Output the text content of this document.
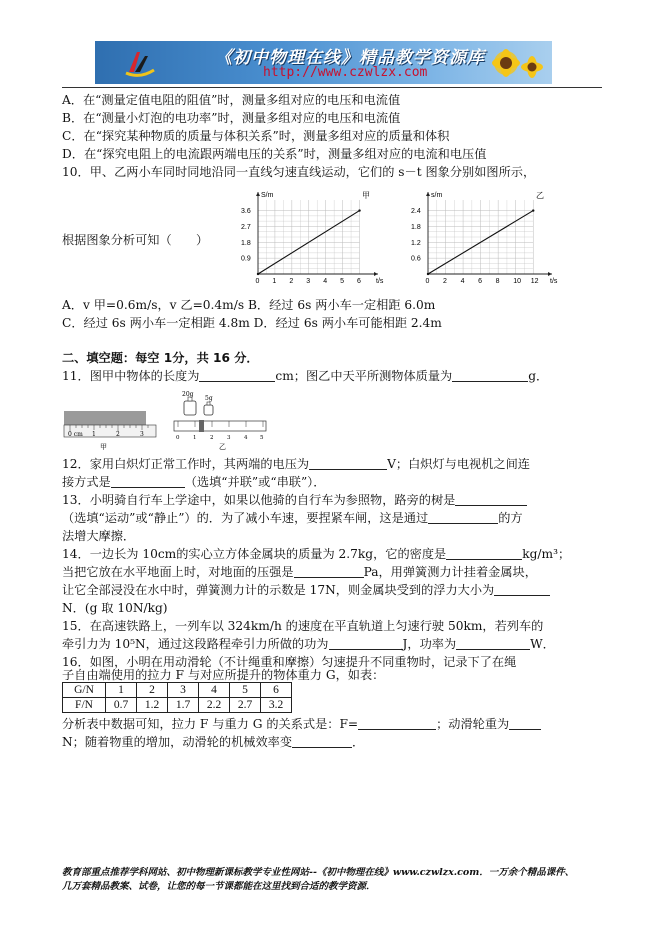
《初中物理在线》精品教学资源库
http://www.czwlzx.com
A．在“测量定值电阻的阻值”时，测量多组对应的电压和电流值
B．在“测量小灯泡的电功率”时，测量多组对应的电压和电流值
C．在“探究某种物质的质量与体积关系”时，测量多组对应的质量和体积
D．在“探究电阻上的电流跟两端电压的关系”时，测量多组对应的电流和电压值
10．甲、乙两小车同时同地沿同一直线匀速直线运动，它们的 s－t 图象分别如图所示，
根据图象分析可知（　　）
0 1 2 3 4 5 6
0.9
1.8
2.7
3.6
S/m
t/s
甲
0 2 4 6 8 10 12
0.6
1.2
1.8
2.4
s/m
t/s
乙
A．v 甲=0.6m/s，v 乙=0.4m/s B．经过 6s 两小车一定相距 6.0m
C．经过 6s 两小车一定相距 4.8m D．经过 6s 两小车可能相距 2.4m
二、填空题：每空 1分，共 16 分．
11．图甲中物体的长度为	cm；图乙中天平所测物体质量为	g．
0 cm 1	2	3
甲
20g
5g
0 1 2 3 4 5
乙
12．家用白炽灯正常工作时，其两端的电压为	V；白炽灯与电视机之间连
接方式是	（选填“并联”或“串联”）．
13．小明骑自行车上学途中，如果以他骑的自行车为参照物，路旁的树是
（选填“运动”或“静止”）的．为了减小车速，要捏紧车闸，这是通过	的方
法增大摩擦．
14．一边长为 10cm的实心立方体金属块的质量为 2.7kg，它的密度是	kg/m³；
当把它放在水平地面上时，对地面的压强是	Pa，用弹簧测力计挂着金属块，
让它全部浸没在水中时，弹簧测力计的示数是 17N，则金属块受到的浮力大小为
N．(g 取 10N/kg)
15．在高速铁路上，一列车以 324km/h 的速度在平直轨道上匀速行驶 50km，若列车的
牵引力为 10⁵N，通过这段路程牵引力所做的功为	J，功率为	W．
16．如图，小明在用动滑轮（不计绳重和摩擦）匀速提升不同重物时，记录下了在绳
子自由端使用的拉力 F 与对应所提升的物体重力 G，如表：
G/N	1	2	3	4	5	6
F/N	0.7	1.2	1.7	2.2	2.7	3.2
分析表中数据可知，拉力 F 与重力 G 的关系式是：F=	；动滑轮重为
N；随着物重的增加，动滑轮的机械效率变	．
教育部重点推荐学科网站、初中物理新课标教学专业性网站--《初中物理在线》www.czwlzx.com．一万余个精品课件、
几万套精品教案、试卷，让您的每一节课都能在这里找到合适的教学资源．
